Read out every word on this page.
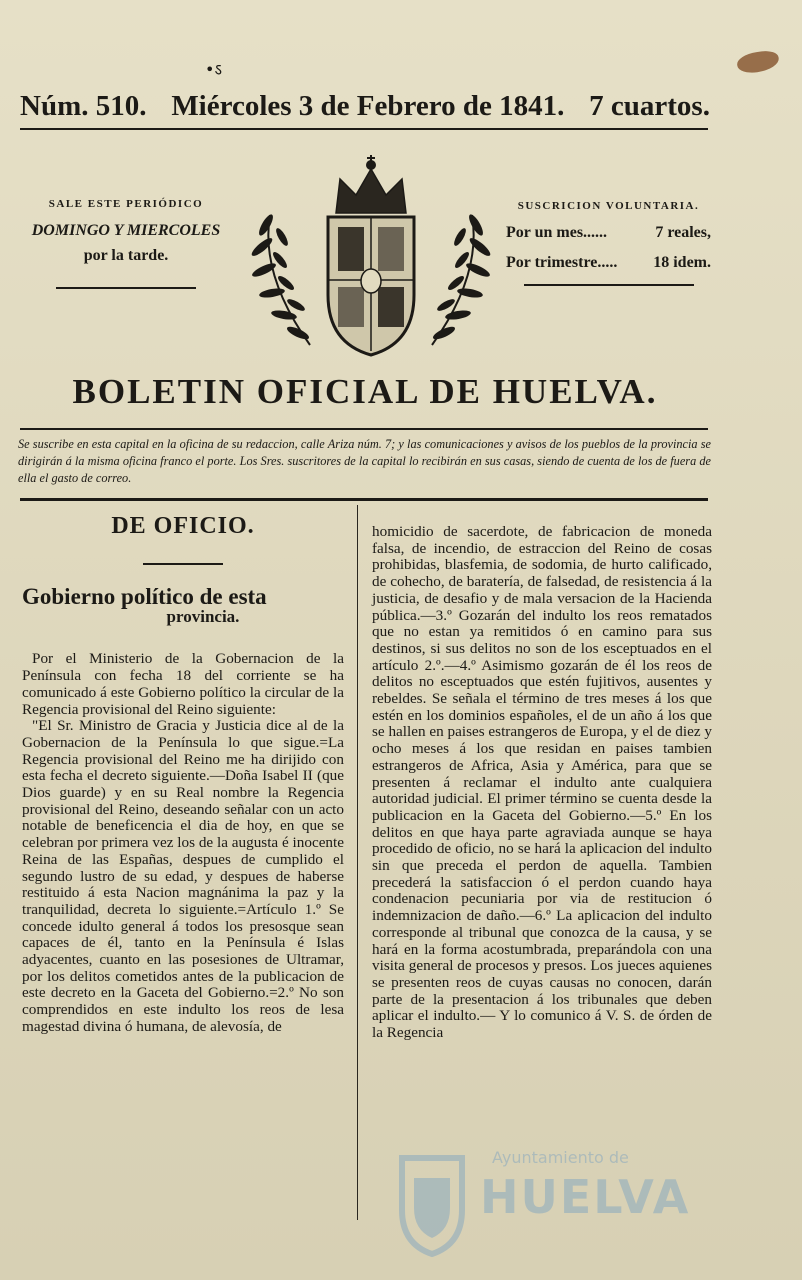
•ऽ
Núm. 510. Miércoles 3 de Febrero de 1841. 7 cuartos.
SALE ESTE PERIÓDICO
DOMINGO Y MIERCOLES
por la tarde.
SUSCRICION VOLUNTARIA.
Por un mes......	7 reales,
Por trimestre..... 18 idem.
BOLETIN OFICIAL DE HUELVA.
Se suscribe en esta capital en la oficina de su redaccion, calle Ariza núm. 7; y las comunicaciones y avisos de los pueblos de la provincia se dirigirán á la misma oficina franco el porte. Los Sres. suscritores de la capital lo recibirán en sus casas, siendo de cuenta de los de fuera de ella el gasto de correo.
DE OFICIO.
Gobierno político de esta
provincia.

Por el Ministerio de la Gobernacion de la Península con fecha 18 del corriente se ha comunicado á este Gobierno político la circular de la Regencia provisional del Reino siguiente:

"El Sr. Ministro de Gracia y Justicia dice al de la Gobernacion de la Península lo que sigue.=La Regencia provisional del Reino me ha dirijido con esta fecha el decreto siguiente.—Doña Isabel II (que Dios guarde) y en su Real nombre la Regencia provisional del Reino, deseando señalar con un acto notable de beneficencia el dia de hoy, en que se celebran por primera vez los de la augusta é inocente Reina de las Españas, despues de cumplido el segundo lustro de su edad, y despues de haberse restituido á esta Nacion magnánima la paz y la tranquilidad, decreta lo siguiente.=Artículo 1.º Se concede idulto general á todos los presosque sean capaces de él, tanto en la Península é Islas adyacentes, cuanto en las posesiones de Ultramar, por los delitos cometidos antes de la publicacion de este decreto en la Gaceta del Gobierno.=2.º No son comprendidos en este indulto los reos de lesa magestad divina ó humana, de alevosía, de

homicidio de sacerdote, de fabricacion de moneda falsa, de incendio, de estraccion del Reino de cosas prohibidas, blasfemia, de sodomia, de hurto calificado, de cohecho, de baratería, de falsedad, de resistencia á la justicia, de desafio y de mala versacion de la Hacienda pública.—3.º Gozarán del indulto los reos rematados que no estan ya remitidos ó en camino para sus destinos, si sus delitos no son de los esceptuados en el artículo 2.º.—4.º Asimismo gozarán de él los reos de delitos no esceptuados que estén fujitivos, ausentes y rebeldes. Se señala el término de tres meses á los que estén en los dominios españoles, el de un año á los que se hallen en paises estrangeros de Europa, y el de diez y ocho meses á los que residan en paises tambien estrangeros de Africa, Asia y América, para que se presenten á reclamar el indulto ante cualquiera autoridad judicial. El primer término se cuenta desde la publicacion en la Gaceta del Gobierno.—5.º En los delitos en que haya parte agraviada aunque se haya procedido de oficio, no se hará la aplicacion del indulto sin que preceda el perdon de aquella. Tambien precederá la satisfaccion ó el perdon cuando haya condenacion pecuniaria por via de restitucion ó indemnizacion de daño.—6.º La aplicacion del indulto corresponde al tribunal que conozca de la causa, y se hará en la forma acostumbrada, preparándola con una visita general de procesos y presos. Los jueces aquienes se presenten reos de cuyas causas no conocen, darán parte de la presentacion á los tribunales que deben aplicar el indulto.— Y lo comunico á V. S. de órden de la Regencia

Ayuntamiento de
HUELVA
